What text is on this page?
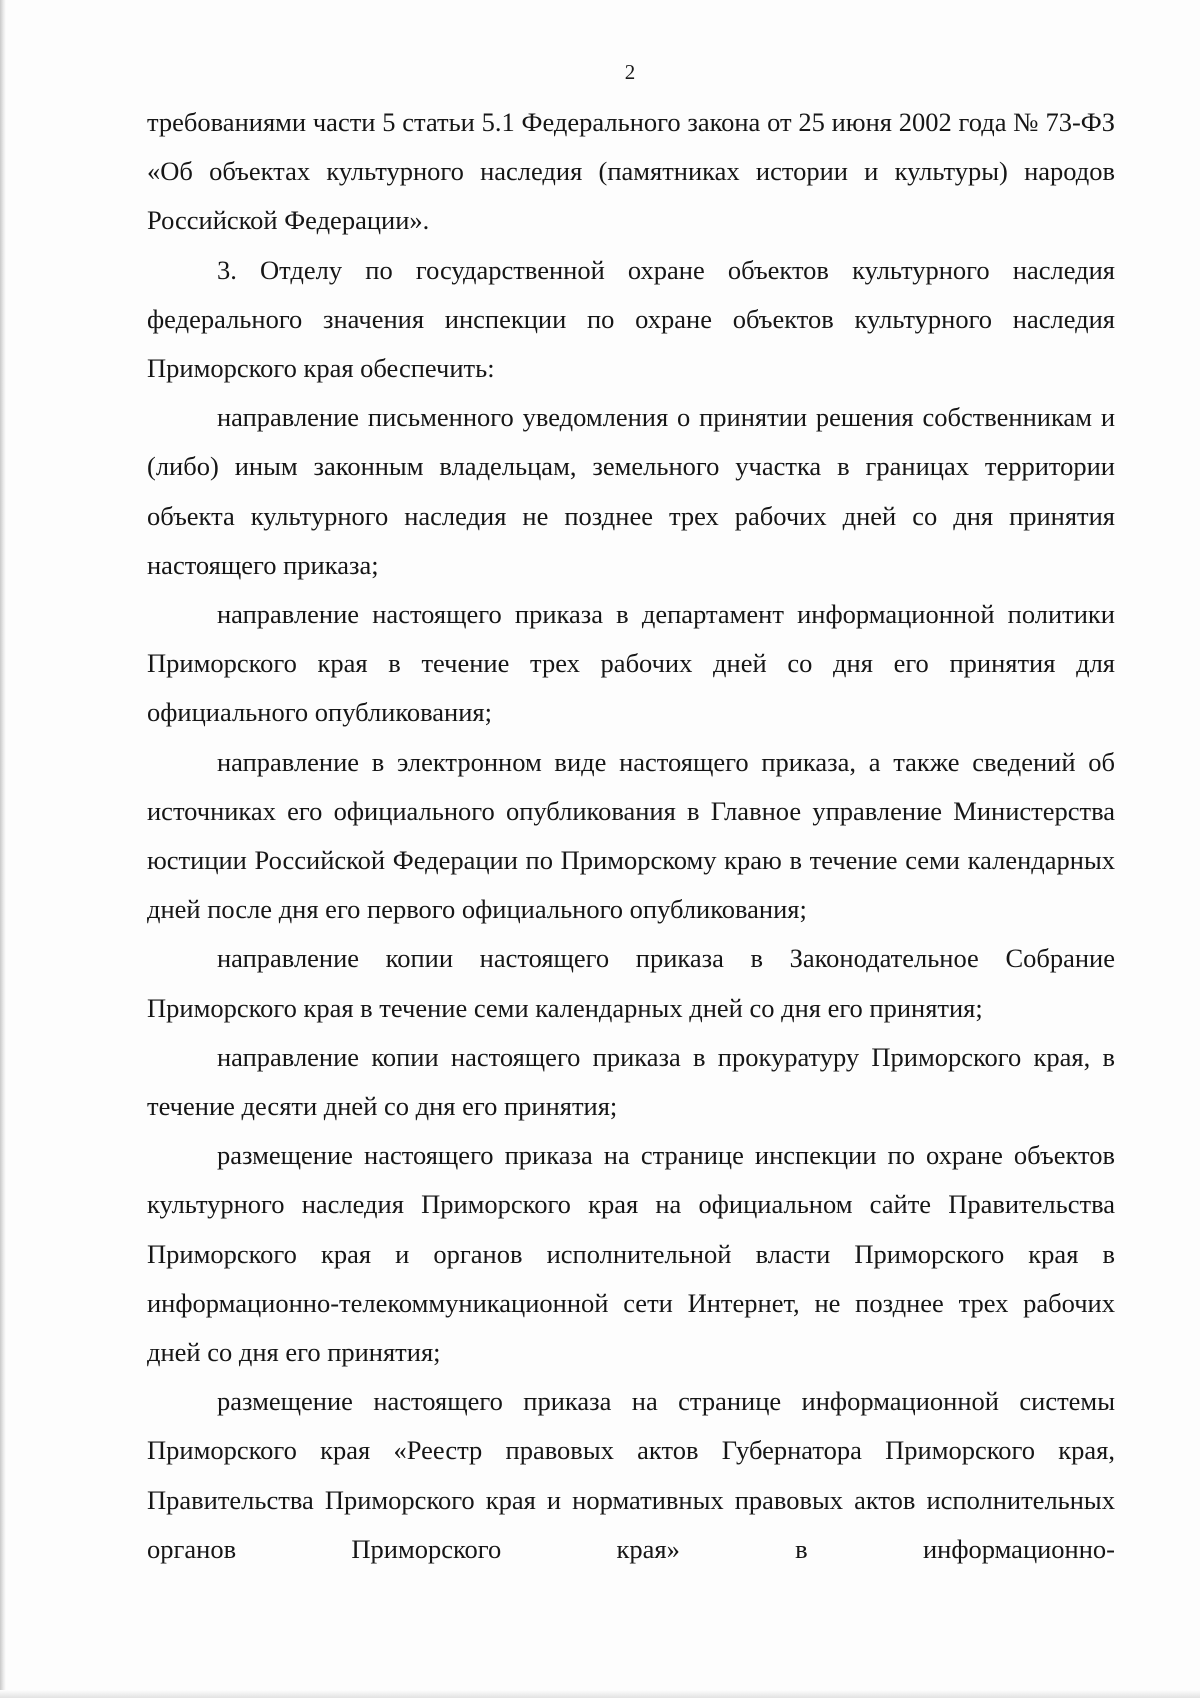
2

требованиями части 5 статьи 5.1 Федерального закона от 25 июня 2002 года № 73-ФЗ «Об объектах культурного наследия (памятниках истории и культуры) народов Российской Федерации».

3. Отделу по государственной охране объектов культурного наследия федерального значения инспекции по охране объектов культурного наследия Приморского края обеспечить:

направление письменного уведомления о принятии решения собственникам и (либо) иным законным владельцам, земельного участка в границах территории объекта культурного наследия не позднее трех рабочих дней со дня принятия настоящего приказа;

направление настоящего приказа в департамент информационной политики Приморского края в течение трех рабочих дней со дня его принятия для официального опубликования;

направление в электронном виде настоящего приказа, а также сведений об источниках его официального опубликования в Главное управление Министерства юстиции Российской Федерации по Приморскому краю в течение семи календарных дней после дня его первого официального опубликования;

направление копии настоящего приказа в Законодательное Собрание Приморского края в течение семи календарных дней со дня его принятия;

направление копии настоящего приказа в прокуратуру Приморского края, в течение десяти дней со дня его принятия;

размещение настоящего приказа на странице инспекции по охране объектов культурного наследия Приморского края на официальном сайте Правительства Приморского края и органов исполнительной власти Приморского края в информационно-телекоммуникационной сети Интернет, не позднее трех рабочих дней со дня его принятия;

размещение настоящего приказа на странице информационной системы Приморского края «Реестр правовых актов Губернатора Приморского края, Правительства Приморского края и нормативных правовых актов исполнительных органов Приморского края» в информационно-
